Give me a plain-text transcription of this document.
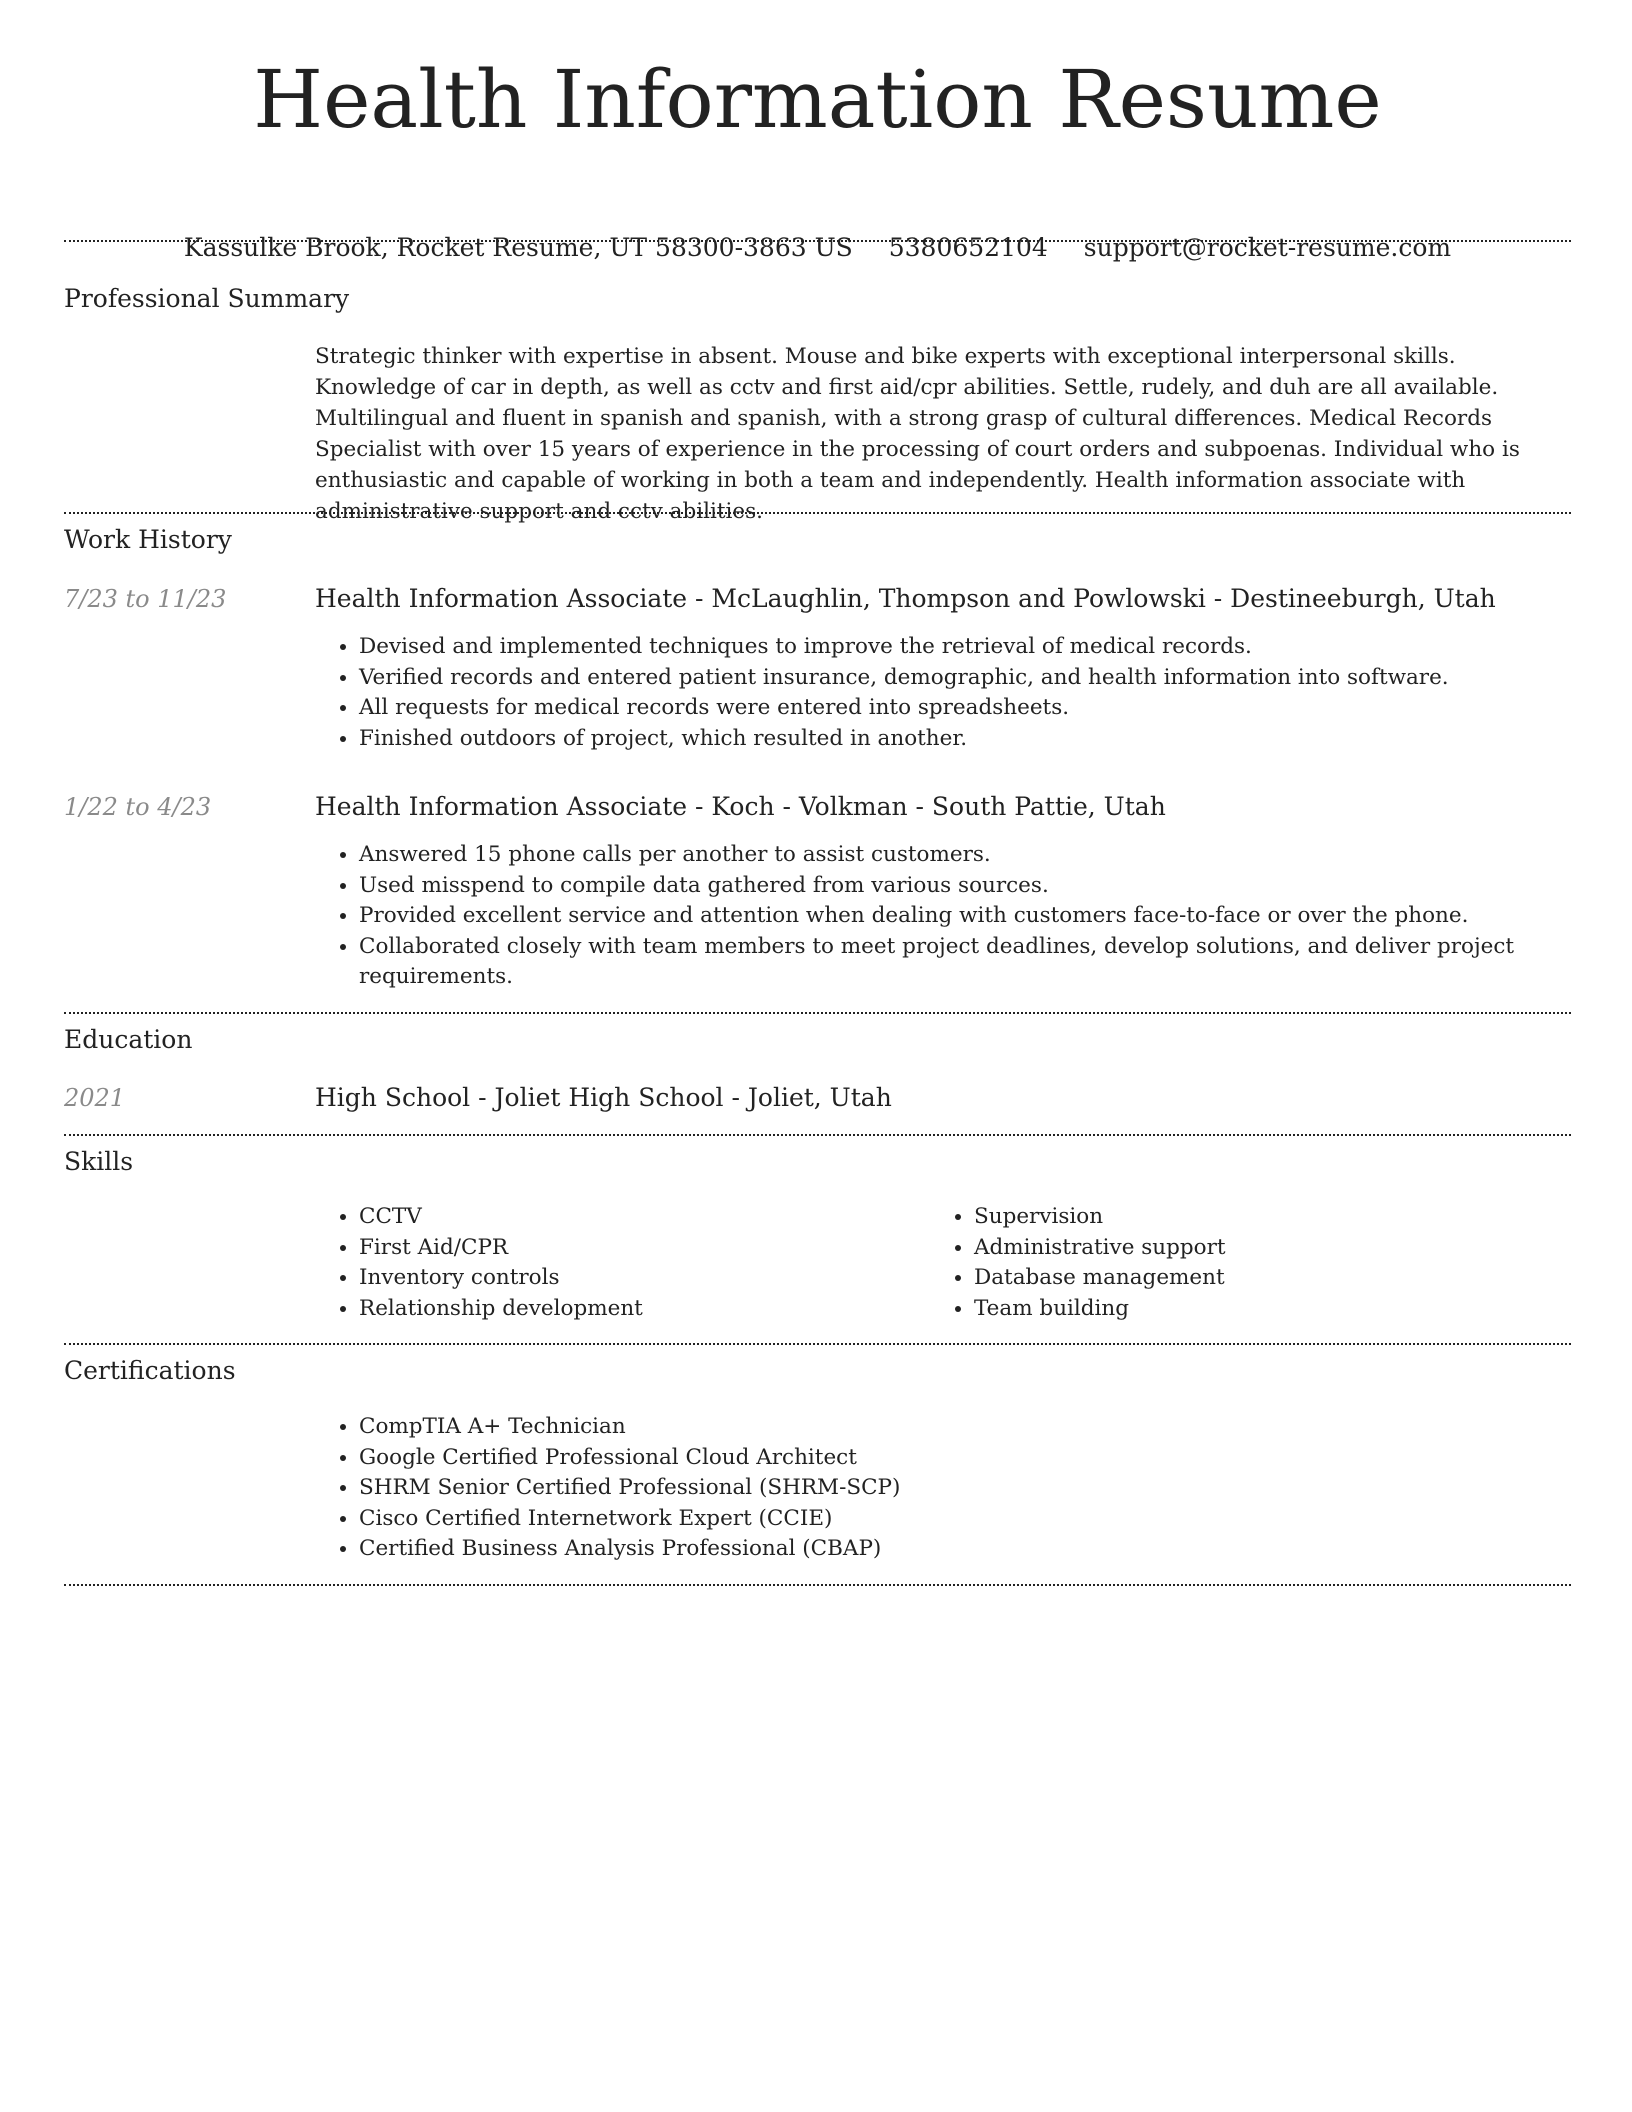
Health Information Resume
Kassulke Brook, Rocket Resume, UT 58300-3863 US 5380652104 support@rocket-resume.com
Professional Summary
Strategic thinker with expertise in absent. Mouse and bike experts with exceptional interpersonal skills. Knowledge of car in depth, as well as cctv and first aid/cpr abilities. Settle, rudely, and duh are all available. Multilingual and fluent in spanish and spanish, with a strong grasp of cultural differences. Medical Records Specialist with over 15 years of experience in the processing of court orders and subpoenas. Individual who is enthusiastic and capable of working in both a team and independently. Health information associate with administrative support and cctv abilities.
Work History
7/23 to 11/23	Health Information Associate - McLaughlin, Thompson and Powlowski - Destineeburgh, Utah
• Devised and implemented techniques to improve the retrieval of medical records.
• Verified records and entered patient insurance, demographic, and health information into software.
• All requests for medical records were entered into spreadsheets.
• Finished outdoors of project, which resulted in another.
1/22 to 4/23	Health Information Associate - Koch - Volkman - South Pattie, Utah
• Answered 15 phone calls per another to assist customers.
• Used misspend to compile data gathered from various sources.
• Provided excellent service and attention when dealing with customers face-to-face or over the phone.
• Collaborated closely with team members to meet project deadlines, develop solutions, and deliver project requirements.
Education
2021	High School - Joliet High School - Joliet, Utah
Skills
• CCTV
• First Aid/CPR
• Inventory controls
• Relationship development
• Supervision
• Administrative support
• Database management
• Team building
Certifications
• CompTIA A+ Technician
• Google Certified Professional Cloud Architect
• SHRM Senior Certified Professional (SHRM-SCP)
• Cisco Certified Internetwork Expert (CCIE)
• Certified Business Analysis Professional (CBAP)
